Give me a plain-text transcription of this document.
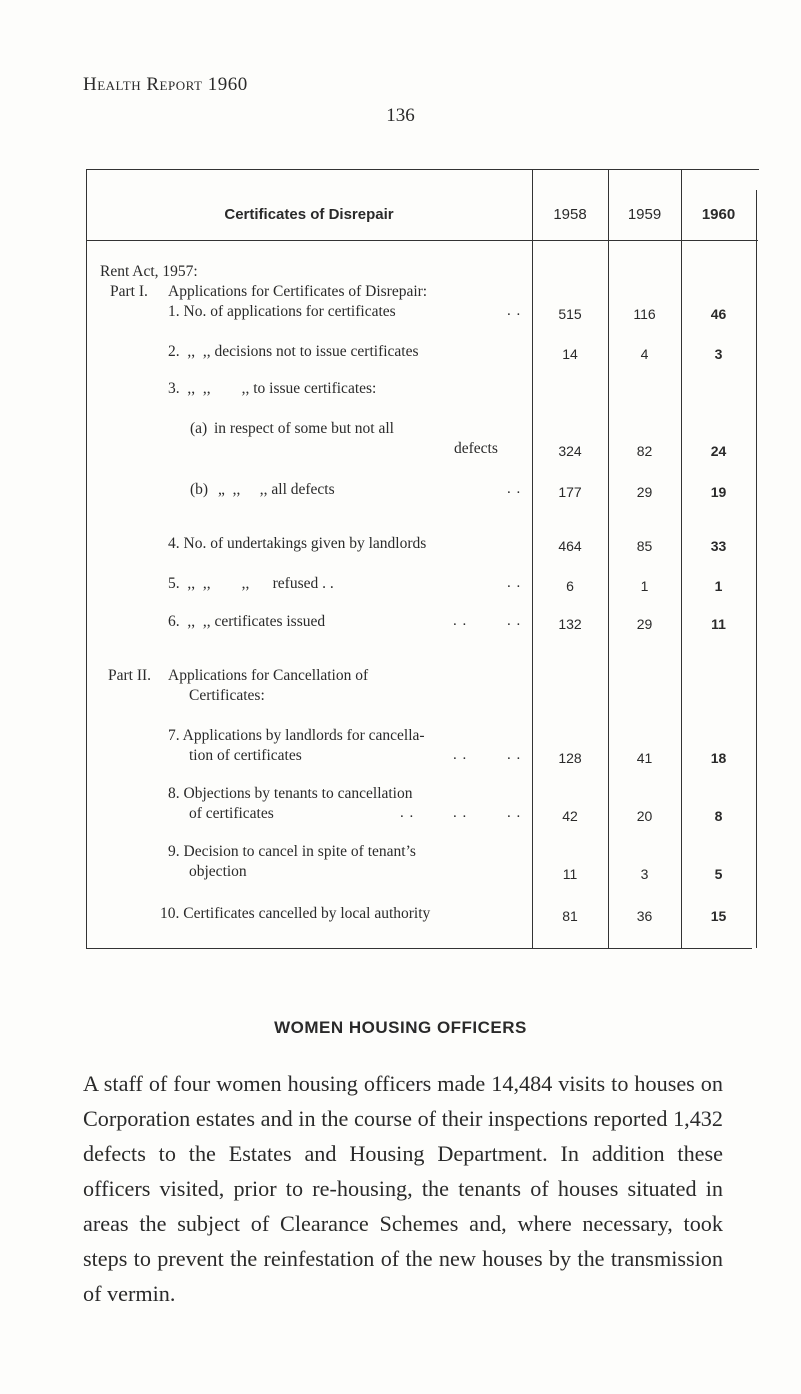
Health Report 1960
136
Certificates of Disrepair	1958	1959	1960
Rent Act, 1957:
Part I. Applications for Certificates of Disrepair:
1. No. of applications for certificates	. .	515	116	46
2.  ,,  ,, decisions not to issue certificates	14	4	3
3.  ,,  ,,        ,, to issue certificates:
(a) in respect of some but not all
defects	324	82	24
(b) „  ,,     ,, all defects	. .	177	29	19
4. No. of undertakings given by landlords	464	85	33
5.  ,,  ,,        ,,      refused . .	. .	6	1	1
6.  ,,  ,, certificates issued	. .	. .	132	29	11
Part II. Applications for Cancellation of
Certificates:
7. Applications by landlords for cancella-
tion of certificates	. .	. .	128	41	18
8. Objections by tenants to cancellation
of certificates	. .	. .	. .	42	20	8
9. Decision to cancel in spite of tenant’s
objection	11	3	5
10. Certificates cancelled by local authority	81	36	15
WOMEN HOUSING OFFICERS

A staff of four women housing officers made 14,484 visits to houses on Corporation estates and in the course of their inspections reported 1,432 defects to the Estates and Housing Department. In addition these officers visited, prior to re-housing, the tenants of houses situated in areas the subject of Clearance Schemes and, where necessary, took steps to prevent the reinfestation of the new houses by the transmission of vermin.
